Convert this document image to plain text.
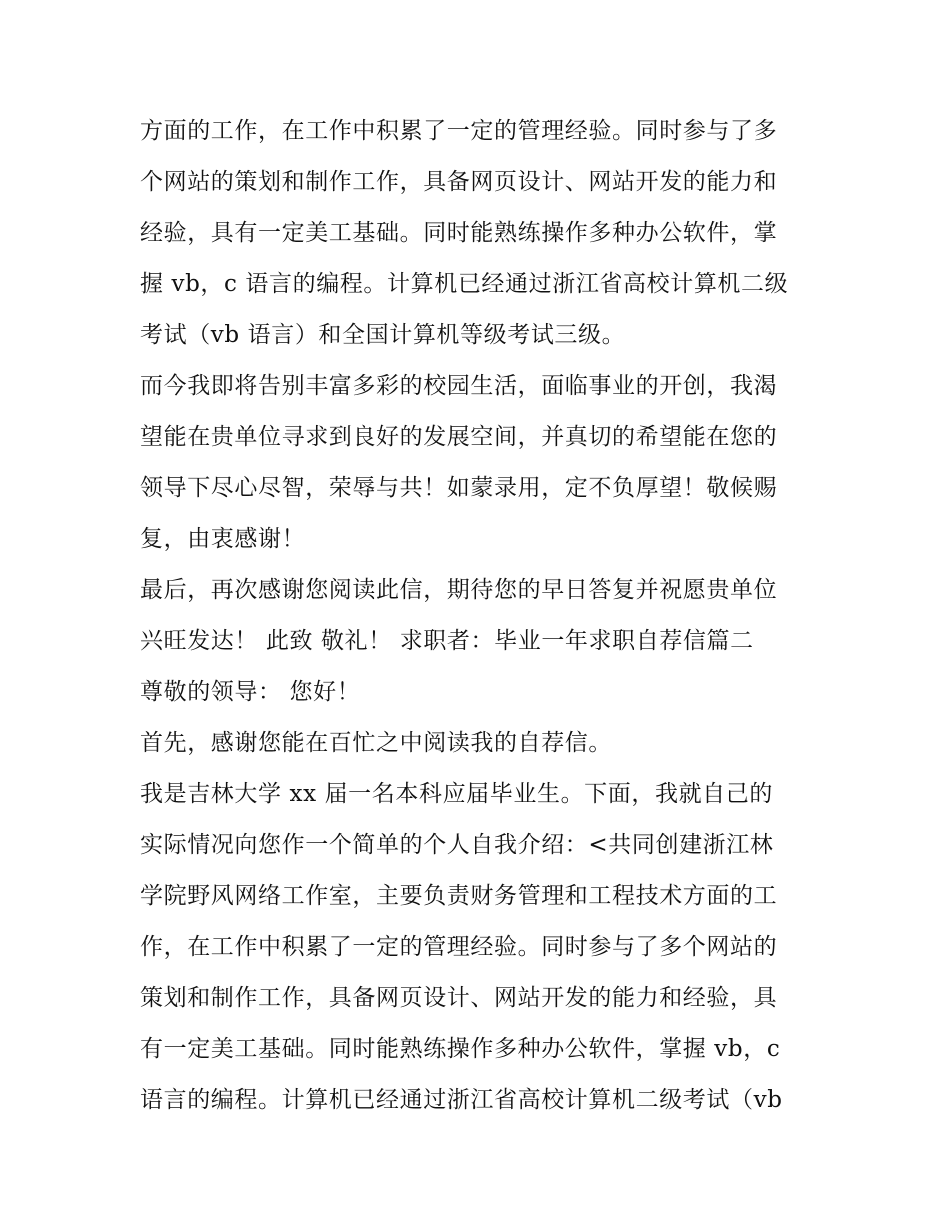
方面的工作，在工作中积累了一定的管理经验。同时参与了多
个网站的策划和制作工作，具备网页设计、网站开发的能力和
经验，具有一定美工基础。同时能熟练操作多种办公软件，掌
握 vb，c 语言的编程。计算机已经通过浙江省高校计算机二级
考试（vb 语言）和全国计算机等级考试三级。
而今我即将告别丰富多彩的校园生活，面临事业的开创，我渴
望能在贵单位寻求到良好的发展空间，并真切的希望能在您的
领导下尽心尽智，荣辱与共！如蒙录用，定不负厚望！敬候赐
复，由衷感谢！
最后，再次感谢您阅读此信，期待您的早日答复并祝愿贵单位
兴旺发达！ 此致 敬礼！ 求职者：毕业一年求职自荐信篇二
尊敬的领导： 您好！
首先，感谢您能在百忙之中阅读我的自荐信。
我是吉林大学 xx 届一名本科应届毕业生。下面，我就自己的
实际情况向您作一个简单的个人自我介绍：<共同创建浙江林
学院野风网络工作室，主要负责财务管理和工程技术方面的工
作，在工作中积累了一定的管理经验。同时参与了多个网站的
策划和制作工作，具备网页设计、网站开发的能力和经验，具
有一定美工基础。同时能熟练操作多种办公软件，掌握 vb，c
语言的编程。计算机已经通过浙江省高校计算机二级考试（vb
